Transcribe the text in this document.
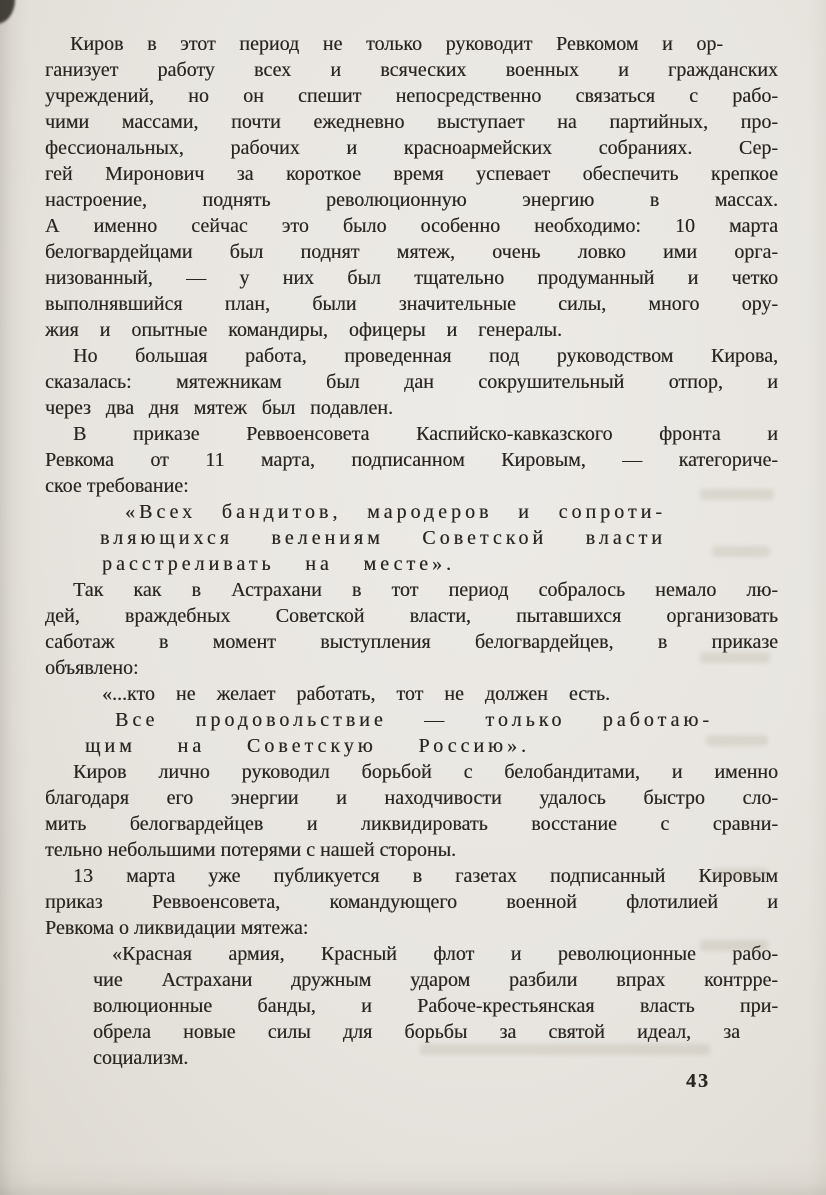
Киров в этот период не только руководит Ревкомом и ор-
ганизует работу всех и всяческих военных и гражданских
учреждений, но он спешит непосредственно связаться с рабо-
чими массами, почти ежедневно выступает на партийных, про-
фессиональных, рабочих и красноармейских собраниях. Сер-
гей Миронович за короткое время успевает обеспечить крепкое
настроение, поднять революционную энергию в массах.
А именно сейчас это было особенно необходимо: 10 марта
белогвардейцами был поднят мятеж, очень ловко ими орга-
низованный, — у них был тщательно продуманный и четко
выполнявшийся план, были значительные силы, много ору-
жия и опытные командиры, офицеры и генералы.
Но большая работа, проведенная под руководством Кирова,
сказалась: мятежникам был дан сокрушительный отпор, и
через два дня мятеж был подавлен.
В приказе Реввоенсовета Каспийско-кавказского фронта и
Ревкома от 11 марта, подписанном Кировым, — категориче-
ское требование:
«Всех бандитов, мародеров и сопроти-
вляющихся велениям Советской власти
расстреливать на месте».
Так как в Астрахани в тот период собралось немало лю-
дей, враждебных Советской власти, пытавшихся организовать
саботаж в момент выступления белогвардейцев, в приказе
объявлено:
«...кто не желает работать, тот не должен есть.
Все продовольствие — только работаю-
щим на Советскую Россию».
Киров лично руководил борьбой с белобандитами, и именно
благодаря его энергии и находчивости удалось быстро сло-
мить белогвардейцев и ликвидировать восстание с сравни-
тельно небольшими потерями с нашей стороны.
13 марта уже публикуется в газетах подписанный Кировым
приказ Реввоенсовета, командующего военной флотилией и
Ревкома о ликвидации мятежа:
«Красная армия, Красный флот и революционные рабо-
чие Астрахани дружным ударом разбили впрах контрре-
волюционные банды, и Рабоче-крестьянская власть при-
обрела новые силы для борьбы за святой идеал, за
социализм.
43
